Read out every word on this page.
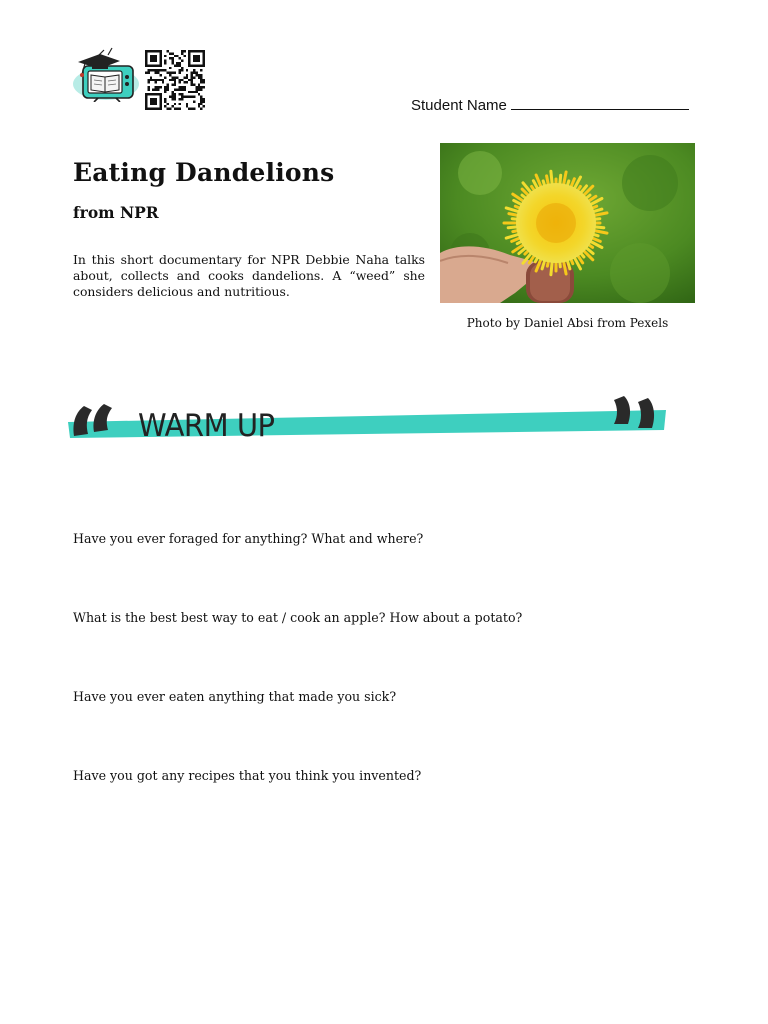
Student Name
Eating Dandelions
from NPR
In this short documentary for NPR Debbie Naha talks about, collects and cooks dandelions. A “weed” she considers delicious and nutritious.
Photo by Daniel Absi from Pexels
WARM UP
Have you ever foraged for anything? What and where?
What is the best best way to eat / cook an apple? How about a potato?
Have you ever eaten anything that made you sick?
Have you got any recipes that you think you invented?
